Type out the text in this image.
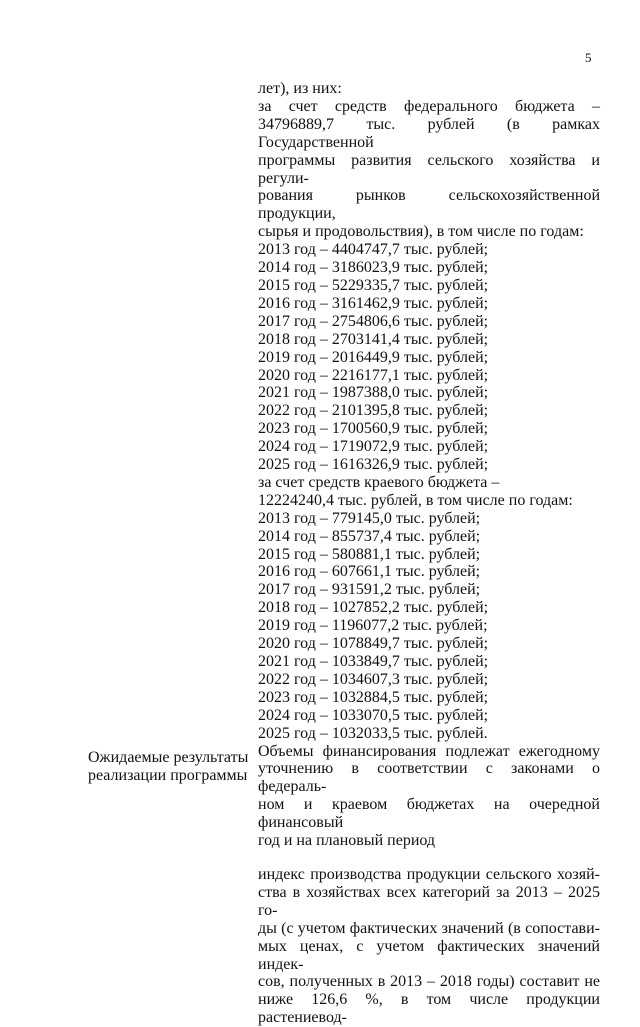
5
лет), из них:
за счет средств федерального бюджета –
34796889,7 тыс. рублей (в рамках Государственной
программы развития сельского хозяйства и регули-
рования рынков сельскохозяйственной продукции,
сырья и продовольствия), в том числе по годам:
2013 год – 4404747,7 тыс. рублей;
2014 год – 3186023,9 тыс. рублей;
2015 год – 5229335,7 тыс. рублей;
2016 год – 3161462,9 тыс. рублей;
2017 год – 2754806,6 тыс. рублей;
2018 год – 2703141,4 тыс. рублей;
2019 год – 2016449,9 тыс. рублей;
2020 год – 2216177,1 тыс. рублей;
2021 год – 1987388,0 тыс. рублей;
2022 год – 2101395,8 тыс. рублей;
2023 год – 1700560,9 тыс. рублей;
2024 год – 1719072,9 тыс. рублей;
2025 год – 1616326,9 тыс. рублей;
за счет средств краевого бюджета –
12224240,4 тыс. рублей, в том числе по годам:
2013 год – 779145,0 тыс. рублей;
2014 год – 855737,4 тыс. рублей;
2015 год – 580881,1 тыс. рублей;
2016 год – 607661,1 тыс. рублей;
2017 год – 931591,2 тыс. рублей;
2018 год – 1027852,2 тыс. рублей;
2019 год – 1196077,2 тыс. рублей;
2020 год – 1078849,7 тыс. рублей;
2021 год – 1033849,7 тыс. рублей;
2022 год – 1034607,3 тыс. рублей;
2023 год – 1032884,5 тыс. рублей;
2024 год – 1033070,5 тыс. рублей;
2025 год – 1032033,5 тыс. рублей.
Объемы финансирования подлежат ежегодному
уточнению в соответствии с законами о федераль-
ном и краевом бюджетах на очередной финансовый
год и на плановый период
индекс производства продукции сельского хозяй-
ства в хозяйствах всех категорий за 2013 – 2025 го-
ды (с учетом фактических значений (в сопостави-
мых ценах, с учетом фактических значений индек-
сов, полученных в 2013 – 2018 годы) составит не
ниже 126,6 %, в том числе продукции растениевод-
Ожидаемые результаты
реализации программы
